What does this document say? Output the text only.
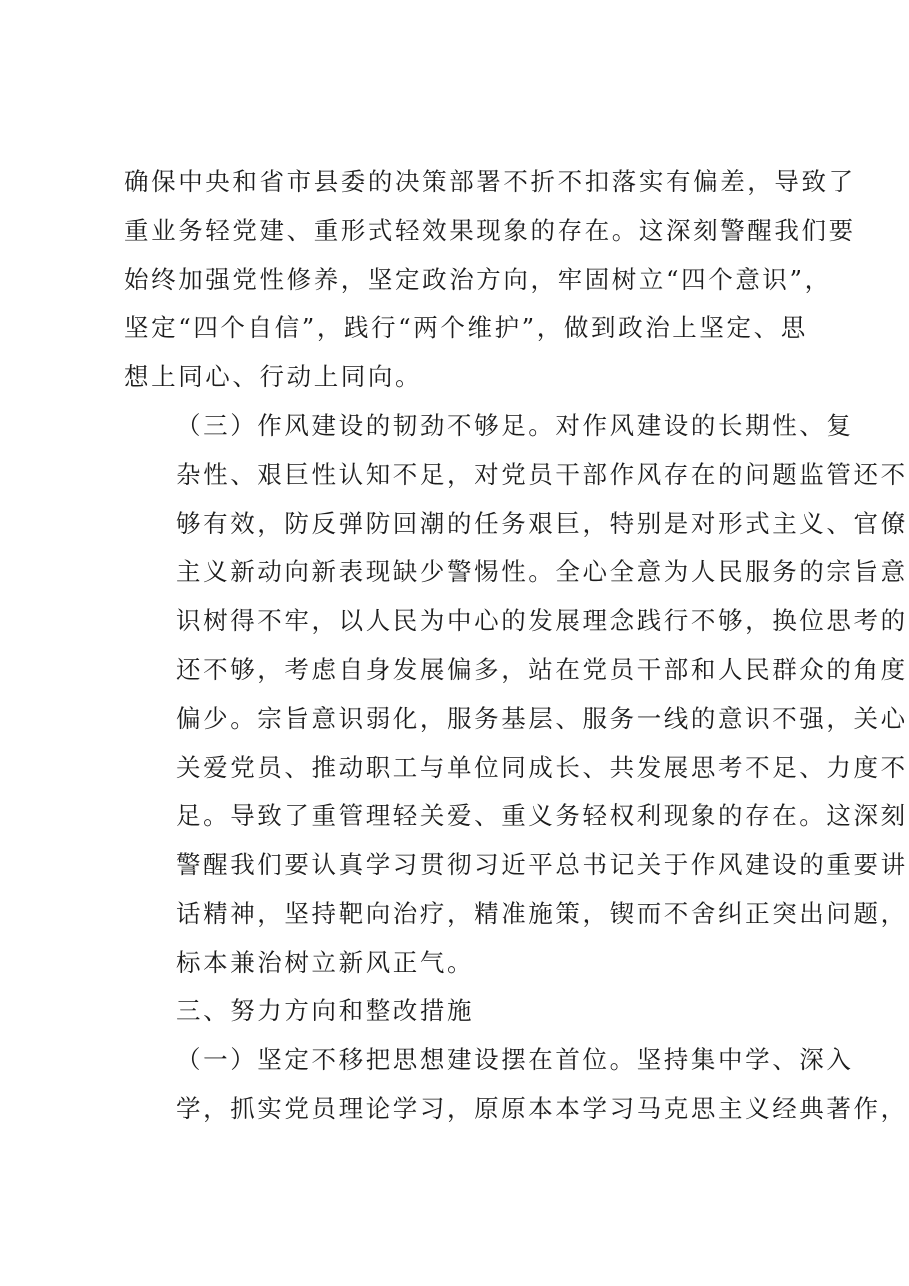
确保中央和省市县委的决策部署不折不扣落实有偏差，导致了
重业务轻党建、重形式轻效果现象的存在。这深刻警醒我们要
始终加强党性修养，坚定政治方向，牢固树立“四个意识”，
坚定“四个自信”，践行“两个维护”，做到政治上坚定、思
想上同心、行动上同向。
（三）作风建设的韧劲不够足。对作风建设的长期性、复
杂性、艰巨性认知不足，对党员干部作风存在的问题监管还不
够有效，防反弹防回潮的任务艰巨，特别是对形式主义、官僚
主义新动向新表现缺少警惕性。全心全意为人民服务的宗旨意
识树得不牢，以人民为中心的发展理念践行不够，换位思考的
还不够，考虑自身发展偏多，站在党员干部和人民群众的角度
偏少。宗旨意识弱化，服务基层、服务一线的意识不强，关心
关爱党员、推动职工与单位同成长、共发展思考不足、力度不
足。导致了重管理轻关爱、重义务轻权利现象的存在。这深刻
警醒我们要认真学习贯彻习近平总书记关于作风建设的重要讲
话精神，坚持靶向治疗，精准施策，锲而不舍纠正突出问题，
标本兼治树立新风正气。
三、努力方向和整改措施
（一）坚定不移把思想建设摆在首位。坚持集中学、深入
学，抓实党员理论学习，原原本本学习马克思主义经典著作，
